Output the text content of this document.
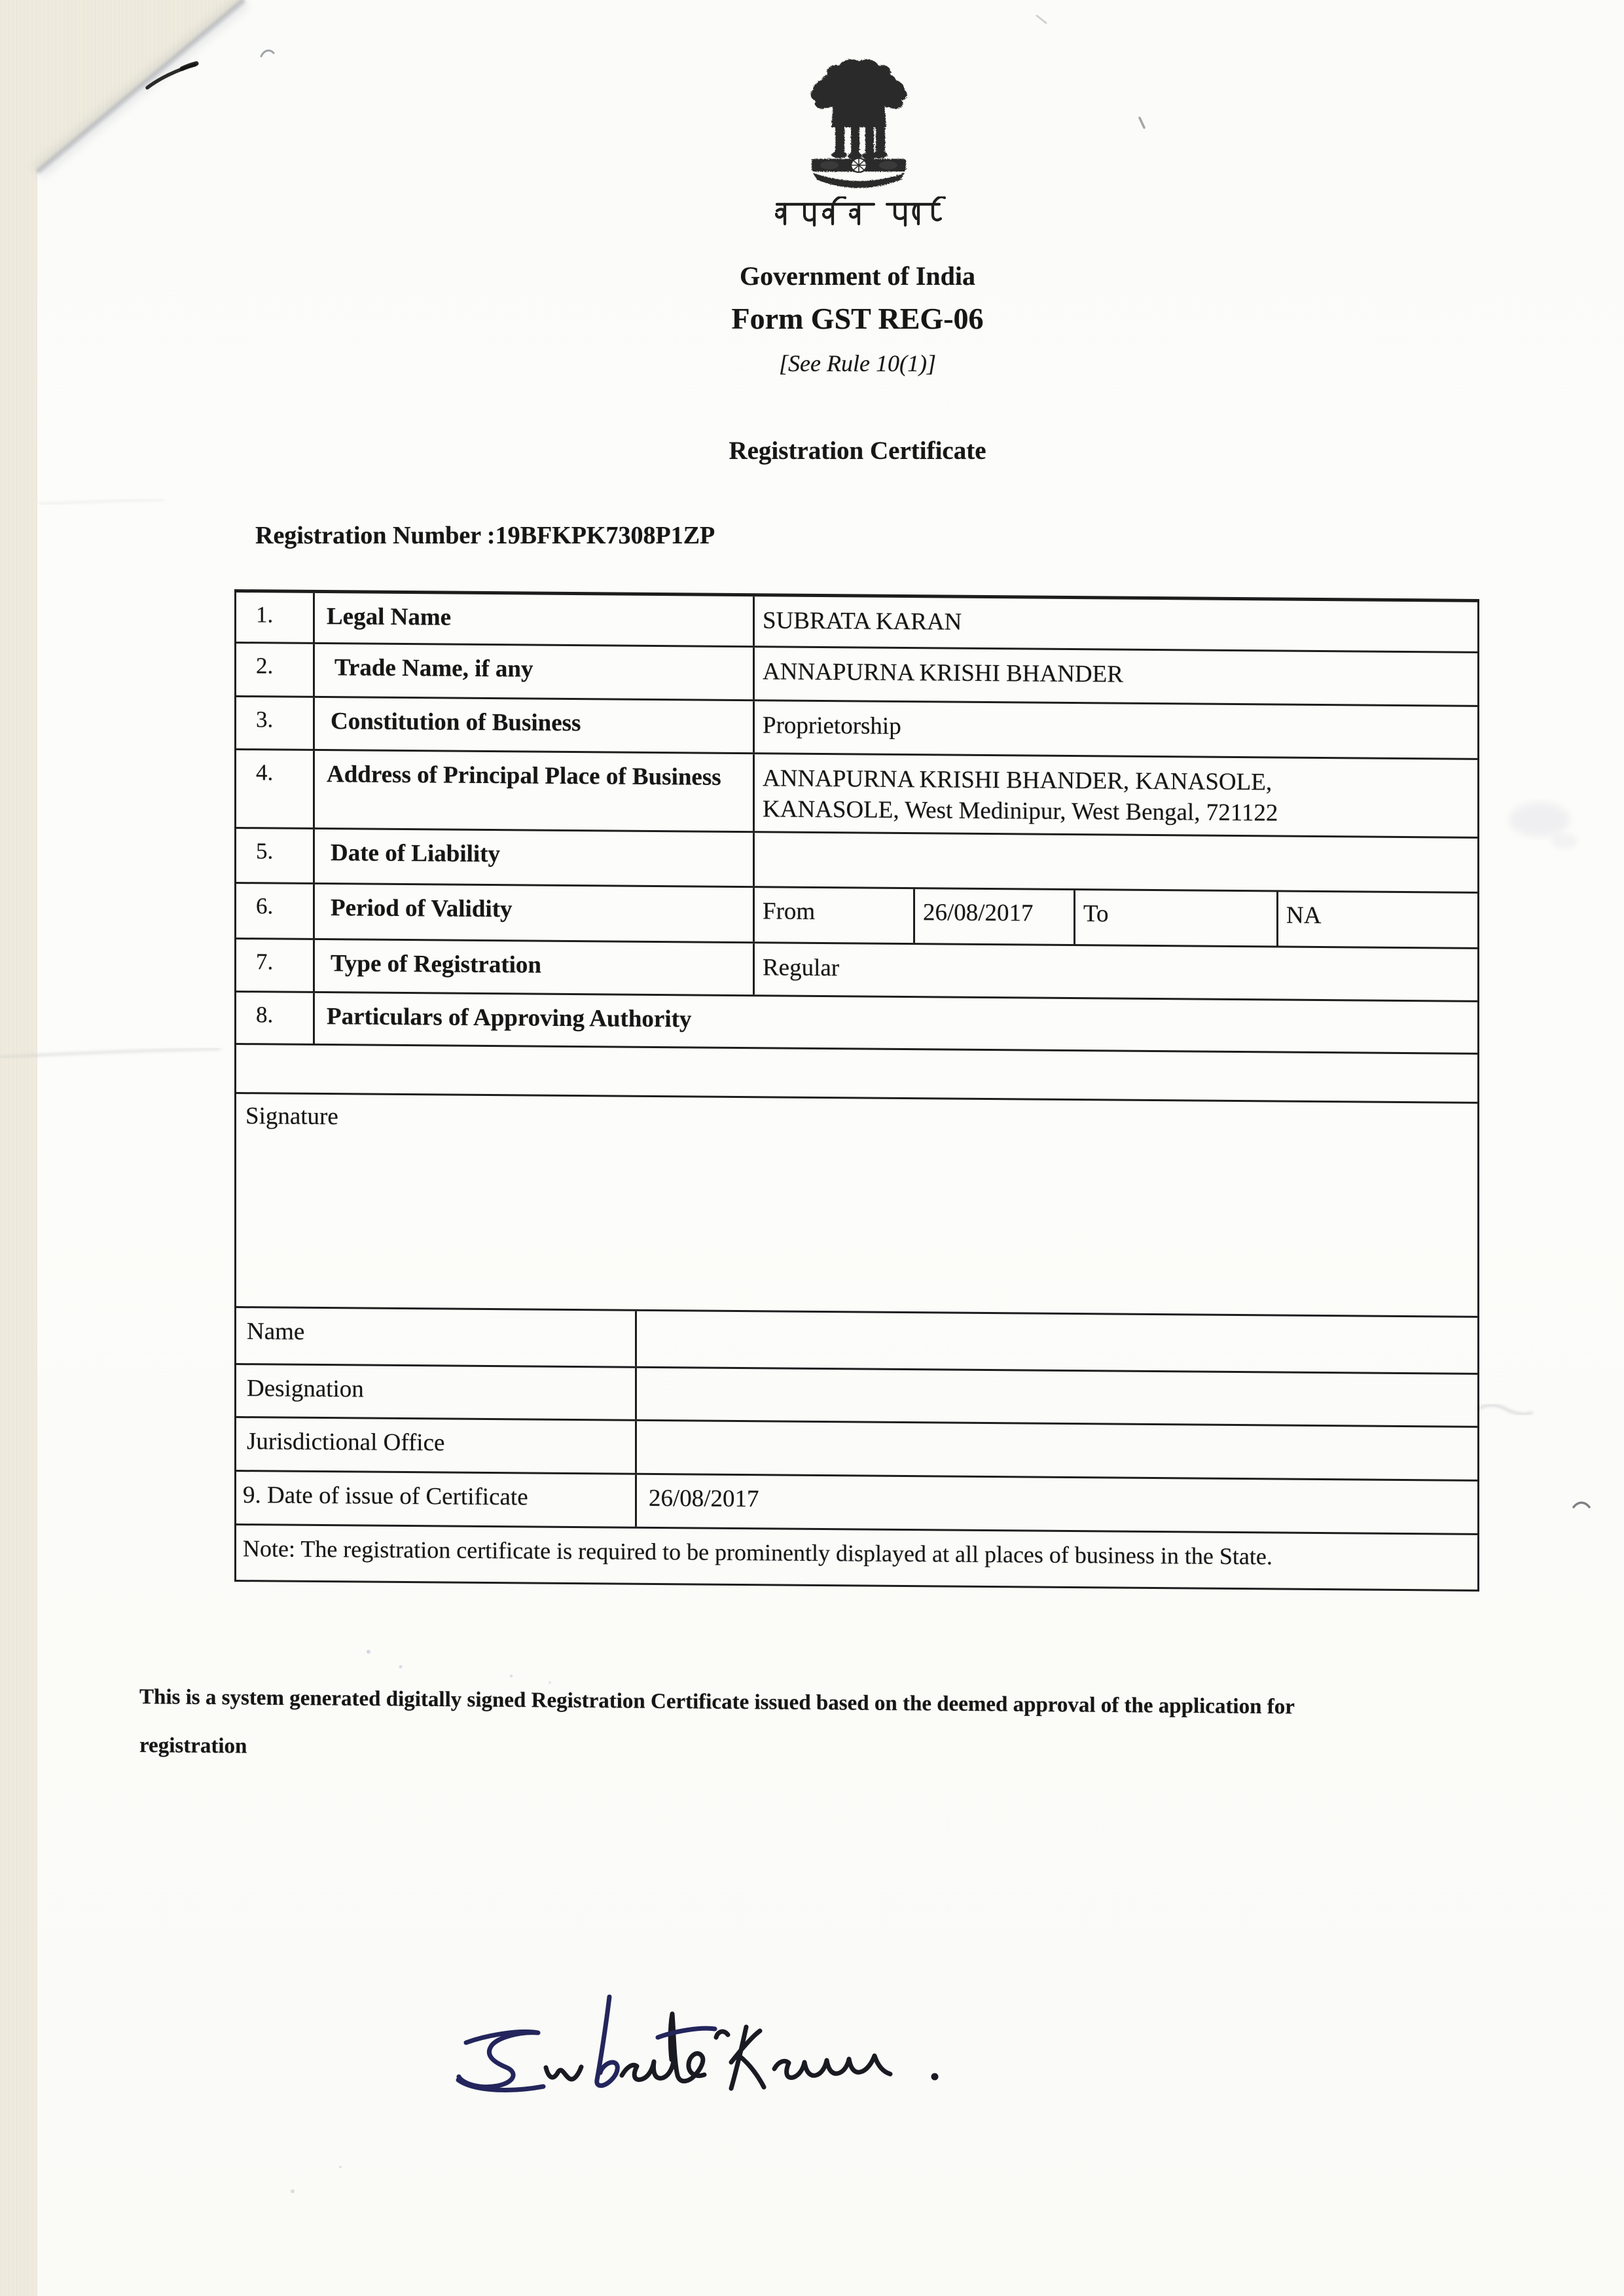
Government of India
Form GST REG-06
[See Rule 10(1)]
Registration Certificate
Registration Number :19BFKPK7308P1ZP
1.	Legal Name	SUBRATA KARAN
2.	Trade Name, if any	ANNAPURNA KRISHI BHANDER
3.	Constitution of Business	Proprietorship
4.	Address of Principal Place of Business	ANNAPURNA KRISHI BHANDER, KANASOLE,
KANASOLE, West Medinipur, West Bengal, 721122
5.	Date of Liability
6.	Period of Validity	From	26/08/2017	To	NA
7.	Type of Registration	Regular
8.	Particulars of Approving Authority
Signature
Name
Designation
Jurisdictional Office
9. Date of issue of Certificate	26/08/2017
Note: The registration certificate is required to be prominently displayed at all places of business in the State.
This is a system generated digitally signed Registration Certificate issued based on the deemed approval of the application for
registration
